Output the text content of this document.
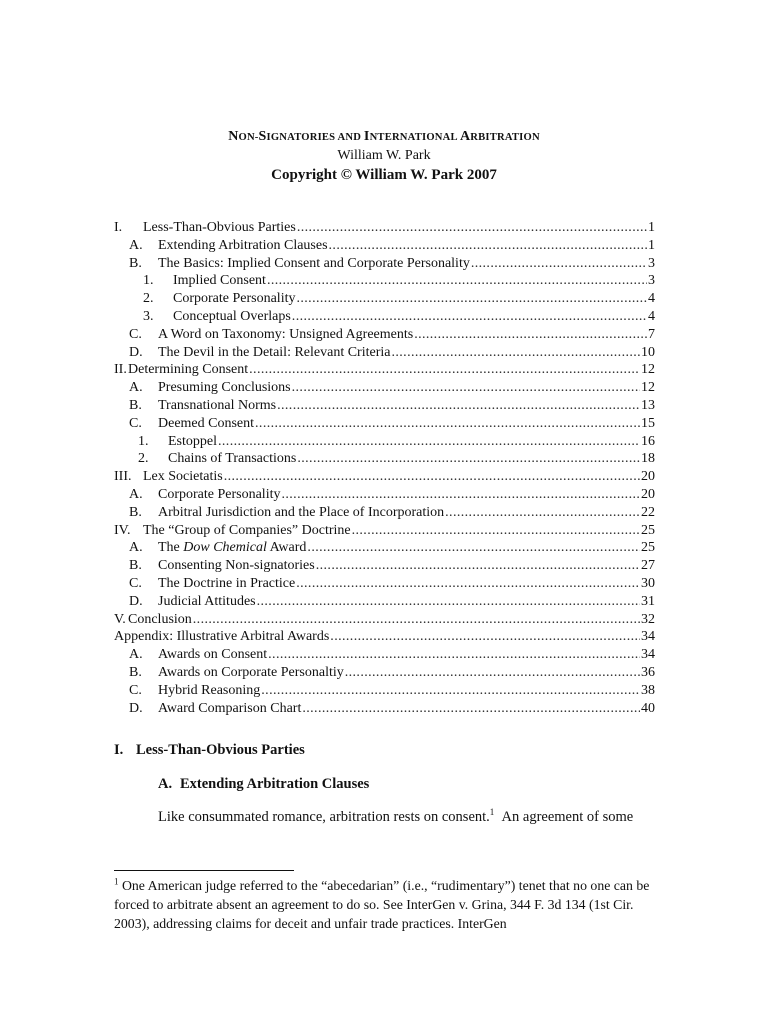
NON-SIGNATORIES AND INTERNATIONAL ARBITRATION
William W. Park
Copyright © William W. Park 2007
I.	Less-Than-Obvious Parties .....	1
A.	Extending Arbitration Clauses .....	1
B.	The Basics: Implied Consent and Corporate Personality .....	3
1.	Implied Consent .....	3
2.	Corporate Personality .....	4
3.	Conceptual Overlaps .....	4
C.	A Word on Taxonomy: Unsigned Agreements .....	7
D.	The Devil in the Detail: Relevant Criteria .....	10
II. Determining Consent .....	12
A.	Presuming Conclusions .....	12
B.	Transnational Norms .....	13
C.	Deemed Consent .....	15
1.	Estoppel .....	16
2.	Chains of Transactions .....	18
III. Lex Societatis .....	20
A.	Corporate Personality .....	20
B.	Arbitral Jurisdiction and the Place of Incorporation .....	22
IV. The “Group of Companies” Doctrine .....	25
A.	The Dow Chemical Award .....	25
B.	Consenting Non-signatories .....	27
C.	The Doctrine in Practice .....	30
D.	Judicial Attitudes .....	31
V. Conclusion .....	32
Appendix: Illustrative Arbitral Awards .....	34
A.	Awards on Consent .....	34
B.	Awards on Corporate Personaltiy .....	36
C.	Hybrid Reasoning .....	38
D.	Award Comparison Chart .....	40
I. Less-Than-Obvious Parties
A. Extending Arbitration Clauses
Like consummated romance, arbitration rests on consent.$^1$ An agreement of some
$^1$ One American judge referred to the “abecedarian” (i.e., “rudimentary”) tenet that no one can be forced to arbitrate absent an agreement to do so. See InterGen v. Grina, 344 F. 3d 134 (1st Cir. 2003), addressing claims for deceit and unfair trade practices. InterGen
